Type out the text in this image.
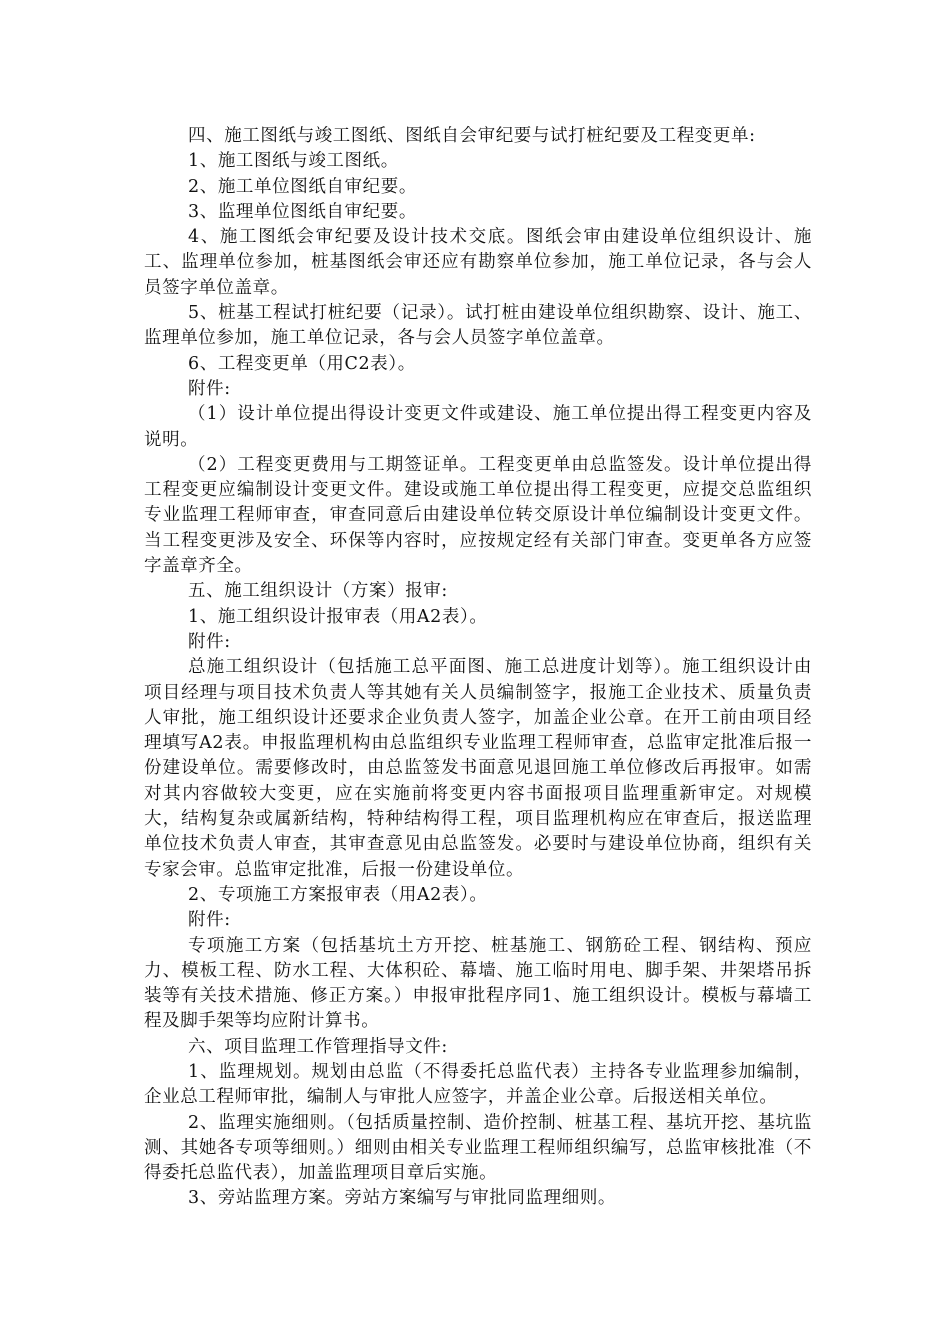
四、施工图纸与竣工图纸、图纸自会审纪要与试打桩纪要及工程变更单:

1、施工图纸与竣工图纸。

2、施工单位图纸自审纪要。

3、监理单位图纸自审纪要。

4、施工图纸会审纪要及设计技术交底。图纸会审由建设单位组织设计、施工、监理单位参加，桩基图纸会审还应有勘察单位参加，施工单位记录，各与会人员签字单位盖章。

5、桩基工程试打桩纪要（记录）。试打桩由建设单位组织勘察、设计、施工、监理单位参加，施工单位记录，各与会人员签字单位盖章。

6、工程变更单（用C2表）。

附件:

（1）设计单位提出得设计变更文件或建设、施工单位提出得工程变更内容及说明。

（2）工程变更费用与工期签证单。工程变更单由总监签发。设计单位提出得工程变更应编制设计变更文件。建设或施工单位提出得工程变更，应提交总监组织专业监理工程师审查，审查同意后由建设单位转交原设计单位编制设计变更文件。当工程变更涉及安全、环保等内容时，应按规定经有关部门审查。变更单各方应签字盖章齐全。

五、施工组织设计（方案）报审:

1、施工组织设计报审表（用A2表）。

附件:

总施工组织设计（包括施工总平面图、施工总进度计划等）。施工组织设计由项目经理与项目技术负责人等其她有关人员编制签字，报施工企业技术、质量负责人审批，施工组织设计还要求企业负责人签字，加盖企业公章。在开工前由项目经理填写A2表。申报监理机构由总监组织专业监理工程师审查，总监审定批准后报一份建设单位。需要修改时，由总监签发书面意见退回施工单位修改后再报审。如需对其内容做较大变更，应在实施前将变更内容书面报项目监理重新审定。对规模大，结构复杂或属新结构，特种结构得工程，项目监理机构应在审查后，报送监理单位技术负责人审查，其审查意见由总监签发。必要时与建设单位协商，组织有关专家会审。总监审定批准，后报一份建设单位。

2、专项施工方案报审表（用A2表）。

附件:

专项施工方案（包括基坑土方开挖、桩基施工、钢筋砼工程、钢结构、预应力、模板工程、防水工程、大体积砼、幕墙、施工临时用电、脚手架、井架塔吊拆装等有关技术措施、修正方案。）申报审批程序同1、施工组织设计。模板与幕墙工程及脚手架等均应附计算书。

六、项目监理工作管理指导文件:

1、监理规划。规划由总监（不得委托总监代表）主持各专业监理参加编制，企业总工程师审批，编制人与审批人应签字，并盖企业公章。后报送相关单位。

2、监理实施细则。（包括质量控制、造价控制、桩基工程、基坑开挖、基坑监测、其她各专项等细则。）细则由相关专业监理工程师组织编写，总监审核批准（不得委托总监代表），加盖监理项目章后实施。

3、旁站监理方案。旁站方案编写与审批同监理细则。
